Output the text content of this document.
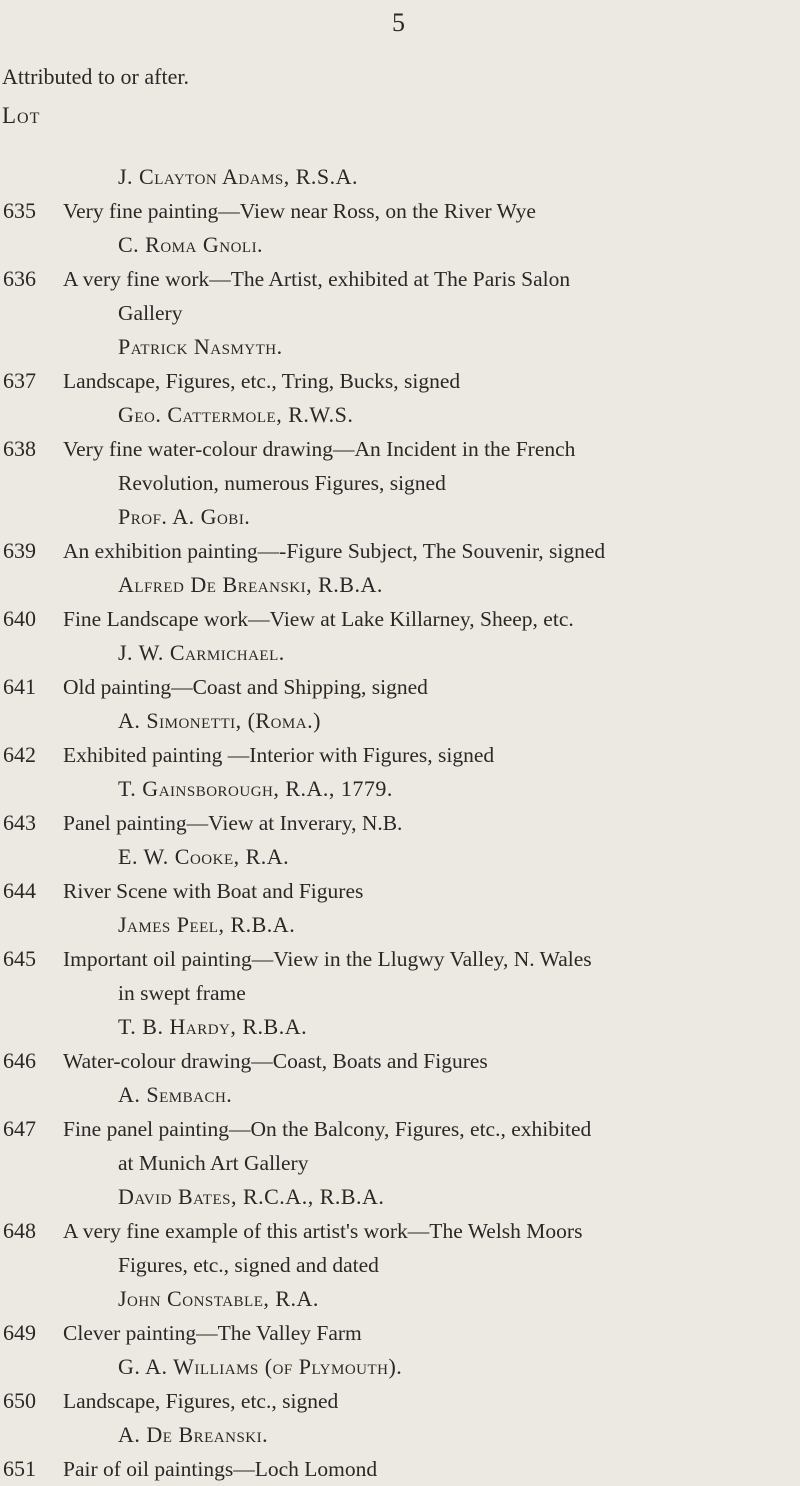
5
Attributed to or after.
Lot
J. Clayton Adams, R.S.A.
635	Very fine painting—View near Ross, on the River Wye
C. Roma Gnoli.
636	A very fine work—The Artist, exhibited at The Paris Salon
Gallery
Patrick Nasmyth.
637	Landscape, Figures, etc., Tring, Bucks, signed
Geo. Cattermole, R.W.S.
638	Very fine water-colour drawing—An Incident in the French
Revolution, numerous Figures, signed
Prof. A. Gobi.
639	An exhibition painting—-Figure Subject, The Souvenir, signed
Alfred De Breanski, R.B.A.
640	Fine Landscape work—View at Lake Killarney, Sheep, etc.
J. W. Carmichael.
641	Old painting—Coast and Shipping, signed
A. Simonetti, (Roma.)
642	Exhibited painting —Interior with Figures, signed
T. Gainsborough, R.A., 1779.
643	Panel painting—View at Inverary, N.B.
E. W. Cooke, R.A.
644	River Scene with Boat and Figures
James Peel, R.B.A.
645	Important oil painting—View in the Llugwy Valley, N. Wales
in swept frame
T. B. Hardy, R.B.A.
646	Water-colour drawing—Coast, Boats and Figures
A. Sembach.
647	Fine panel painting—On the Balcony, Figures, etc., exhibited
at Munich Art Gallery
David Bates, R.C.A., R.B.A.
648	A very fine example of this artist's work—The Welsh Moors
Figures, etc., signed and dated
John Constable, R.A.
649	Clever painting—The Valley Farm
G. A. Williams (of Plymouth).
650	Landscape, Figures, etc., signed
A. De Breanski.
651	Pair of oil paintings—Loch Lomond
